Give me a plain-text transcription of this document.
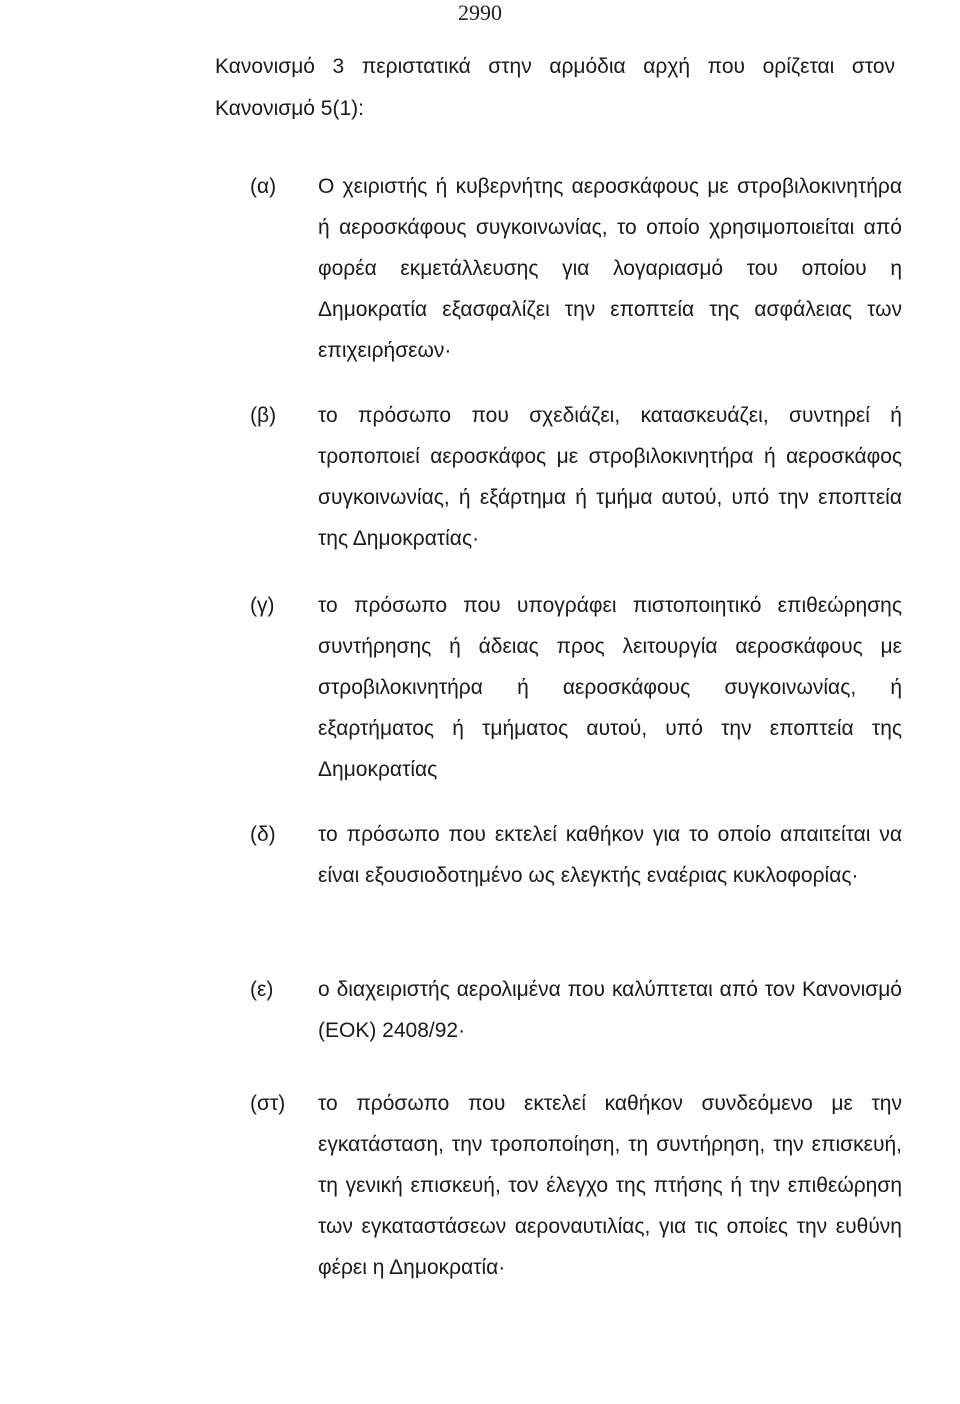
2990
Κανονισμό 3 περιστατικά στην αρμόδια αρχή που ορίζεται στον Κανονισμό 5(1):
(α) Ο χειριστής ή κυβερνήτης αεροσκάφους με στροβιλοκινητήρα ή αεροσκάφους συγκοινωνίας, το οποίο χρησιμοποιείται από φορέα εκμετάλλευσης για λογαριασμό του οποίου η Δημοκρατία εξασφαλίζει την εποπτεία της ασφάλειας των επιχειρήσεων·
(β) το πρόσωπο που σχεδιάζει, κατασκευάζει, συντηρεί ή τροποποιεί αεροσκάφος με στροβιλοκινητήρα ή αεροσκάφος συγκοινωνίας, ή εξάρτημα ή τμήμα αυτού, υπό την εποπτεία της Δημοκρατίας·
(γ) το πρόσωπο που υπογράφει πιστοποιητικό επιθεώρησης συντήρησης ή άδειας προς λειτουργία αεροσκάφους με στροβιλοκινητήρα ή αεροσκάφους συγκοινωνίας, ή εξαρτήματος ή τμήματος αυτού, υπό την εποπτεία της Δημοκρατίας
(δ) το πρόσωπο που εκτελεί καθήκον για το οποίο απαιτείται να είναι εξουσιοδοτημένο ως ελεγκτής εναέριας κυκλοφορίας·
(ε) ο διαχειριστής αερολιμένα που καλύπτεται από τον Κανονισμό (ΕΟΚ) 2408/92·
(στ) το πρόσωπο που εκτελεί καθήκον συνδεόμενο με την εγκατάσταση, την τροποποίηση, τη συντήρηση, την επισκευή, τη γενική επισκευή, τον έλεγχο της πτήσης ή την επιθεώρηση των εγκαταστάσεων αεροναυτιλίας, για τις οποίες την ευθύνη φέρει η Δημοκρατία·
